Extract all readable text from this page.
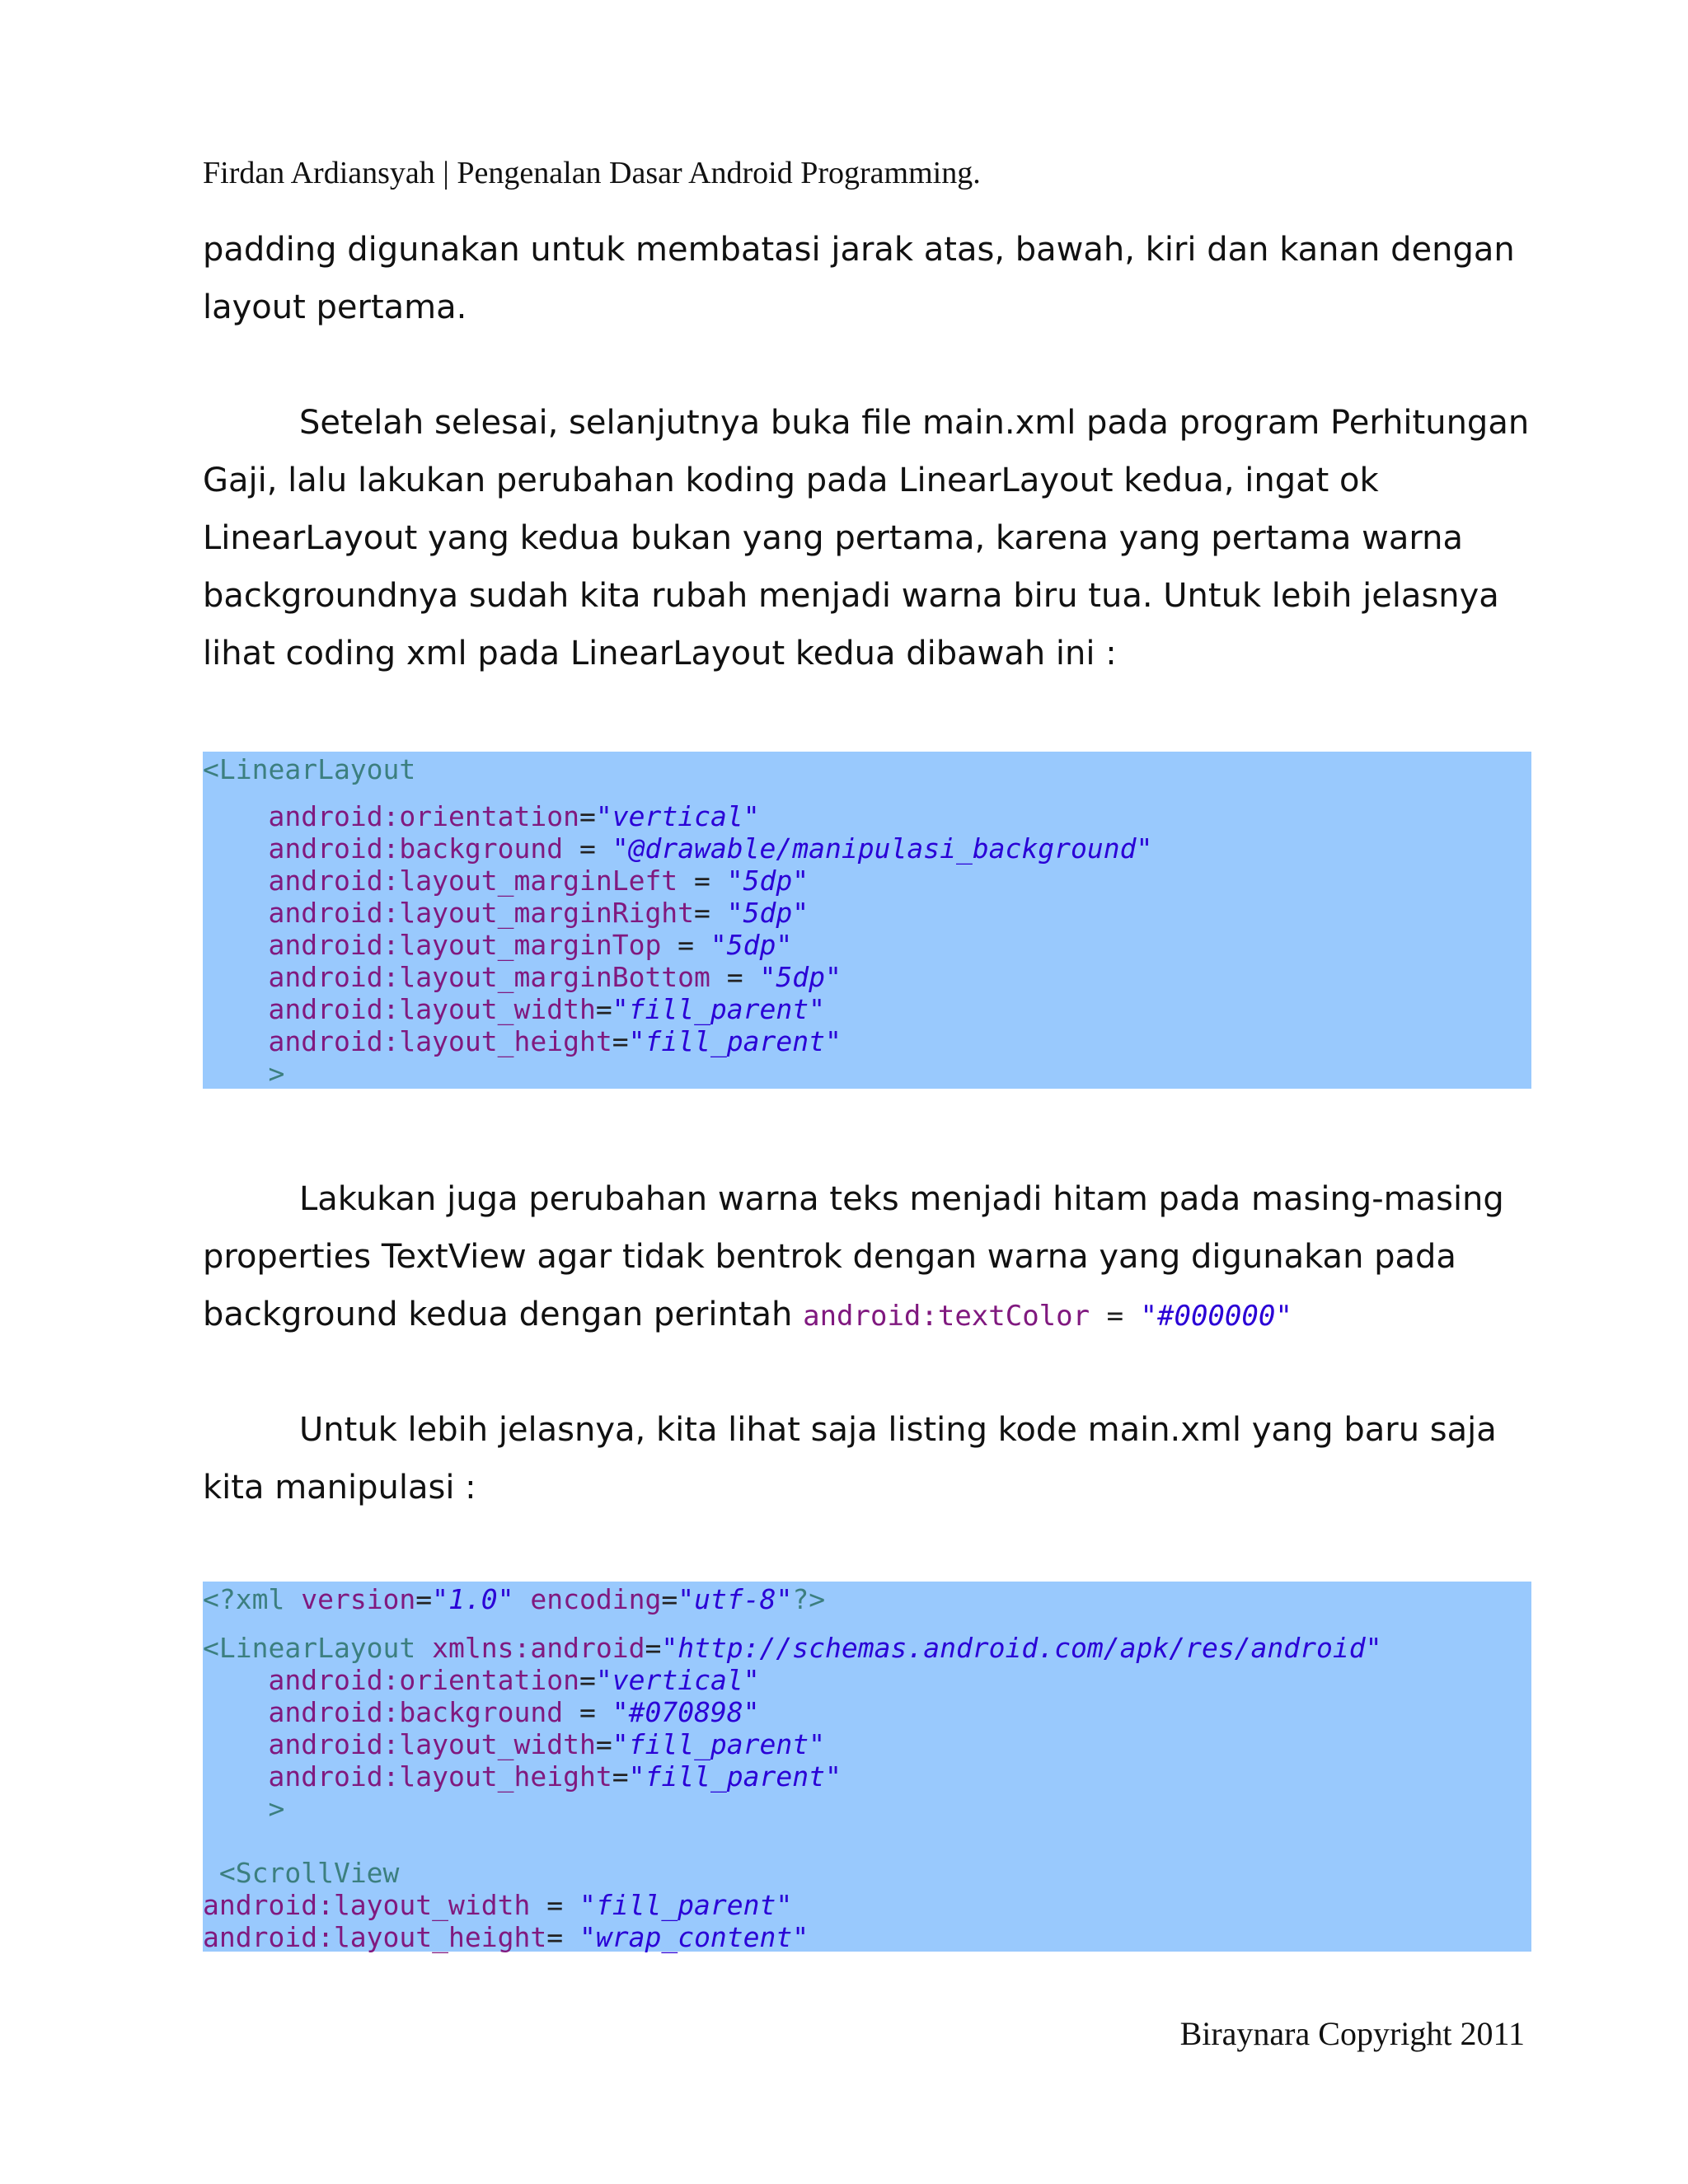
Firdan Ardiansyah | Pengenalan Dasar Android Programming.

padding digunakan untuk membatasi jarak atas, bawah, kiri dan kanan dengan
layout pertama.

Setelah selesai, selanjutnya buka file main.xml pada program Perhitungan
Gaji, lalu lakukan perubahan koding pada LinearLayout kedua, ingat ok
LinearLayout yang kedua bukan yang pertama, karena yang pertama warna
backgroundnya sudah kita rubah menjadi warna biru tua. Untuk lebih jelasnya
lihat coding xml pada LinearLayout kedua dibawah ini :

<LinearLayout
android:orientation="vertical"
android:background = "@drawable/manipulasi_background"
android:layout_marginLeft = "5dp"
android:layout_marginRight= "5dp"
android:layout_marginTop = "5dp"
android:layout_marginBottom = "5dp"
android:layout_width="fill_parent"
android:layout_height="fill_parent"
>

Lakukan juga perubahan warna teks menjadi hitam pada masing-masing
properties TextView agar tidak bentrok dengan warna yang digunakan pada
background kedua dengan perintah android:textColor = "#000000"

Untuk lebih jelasnya, kita lihat saja listing kode main.xml yang baru saja
kita manipulasi :

<?xml version="1.0" encoding="utf-8"?>
<LinearLayout xmlns:android="http://schemas.android.com/apk/res/android"
android:orientation="vertical"
android:background = "#070898"
android:layout_width="fill_parent"
android:layout_height="fill_parent"
>

<ScrollView
android:layout_width = "fill_parent"
android:layout_height= "wrap_content"
Biraynara Copyright 2011
